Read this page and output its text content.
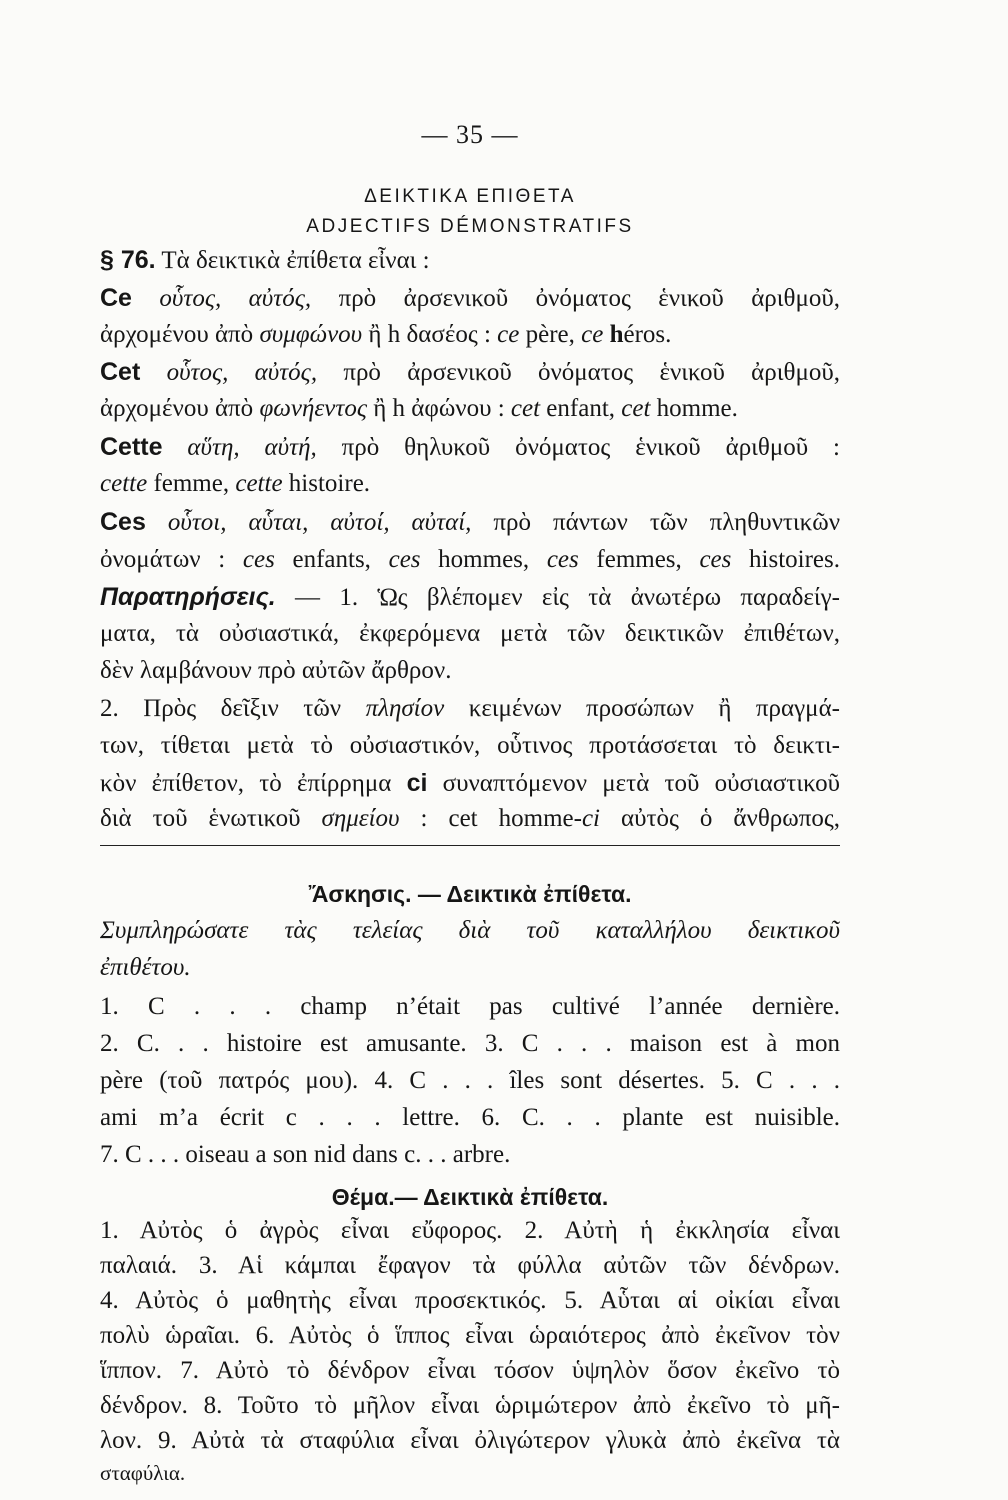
— 35 —
ΔΕΙΚΤΙΚΑ ΕΠΙΘΕΤΑ
ADJECTIFS DÉMONSTRATIFS
§ 76. Τὰ δεικτικὰ ἐπίθετα εἶναι :
Ce οὗτος, αὐτός, πρὸ ἀρσενικοῦ ὀνόματος ἑνικοῦ ἀριθμοῦ,
ἀρχομένου ἀπὸ συμφώνου ἢ h δασέος : ce père, ce héros.
Cet οὗτος, αὐτός, πρὸ ἀρσενικοῦ ὀνόματος ἑνικοῦ ἀριθμοῦ,
ἀρχομένου ἀπὸ φωνήεντος ἢ h ἀφώνου : cet enfant, cet homme.
Cette αὕτη, αὐτή, πρὸ θηλυκοῦ ὀνόματος ἑνικοῦ ἀριθμοῦ :
cette femme, cette histoire.
Ces οὗτοι, αὗται, αὐτοί, αὐταί, πρὸ πάντων τῶν πληθυντικῶν
ὀνομάτων : ces enfants, ces hommes, ces femmes, ces histoires.
Παρατηρήσεις. — 1. Ὡς βλέπομεν εἰς τὰ ἀνωτέρω παραδείγ-
ματα, τὰ οὐσιαστικά, ἐκφερόμενα μετὰ τῶν δεικτικῶν ἐπιθέτων,
δὲν λαμβάνουν πρὸ αὐτῶν ἄρθρον.
2. Πρὸς δεῖξιν τῶν πλησίον κειμένων προσώπων ἢ πραγμά-
των, τίθεται μετὰ τὸ οὐσιαστικόν, οὗτινος προτάσσεται τὸ δεικτι-
κὸν ἐπίθετον, τὸ ἐπίρρημα ci συναπτόμενον μετὰ τοῦ οὐσιαστικοῦ
διὰ τοῦ ἑνωτικοῦ σημείου : cet homme-ci αὐτὸς ὁ ἄνθρωπος,
Ἄσκησις. — Δεικτικὰ ἐπίθετα.
Συμπληρώσατε τὰς τελείας διὰ τοῦ καταλλήλου δεικτικοῦ
ἐπιθέτου.
1. C . . . champ n’était pas cultivé l’année dernière.
2. C. . . histoire est amusante. 3. C . . . maison est à mon
père (τοῦ πατρός μου). 4. C . . . îles sont désertes. 5. C . . .
ami m’a écrit c . . . lettre. 6. C. . . plante est nuisible.
7. C . . . oiseau a son nid dans c. . . arbre.
Θέμα.— Δεικτικὰ ἐπίθετα.
1. Αὐτὸς ὁ ἀγρὸς εἶναι εὔφορος. 2. Αὐτὴ ἡ ἐκκλησία εἶναι
παλαιά. 3. Αἱ κάμπαι ἔφαγον τὰ φύλλα αὐτῶν τῶν δένδρων.
4. Αὐτὸς ὁ μαθητὴς εἶναι προσεκτικός. 5. Αὗται αἱ οἰκίαι εἶναι
πολὺ ὡραῖαι. 6. Αὐτὸς ὁ ἵππος εἶναι ὡραιότερος ἀπὸ ἐκεῖνον τὸν
ἵππον. 7. Αὐτὸ τὸ δένδρον εἶναι τόσον ὑψηλὸν ὅσον ἐκεῖνο τὸ
δένδρον. 8. Τοῦτο τὸ μῆλον εἶναι ὡριμώτερον ἀπὸ ἐκεῖνο τὸ μῆ-
λον. 9. Αὐτὰ τὰ σταφύλια εἶναι ὀλιγώτερον γλυκὰ ἀπὸ ἐκεῖνα τὰ
σταφύλια.
